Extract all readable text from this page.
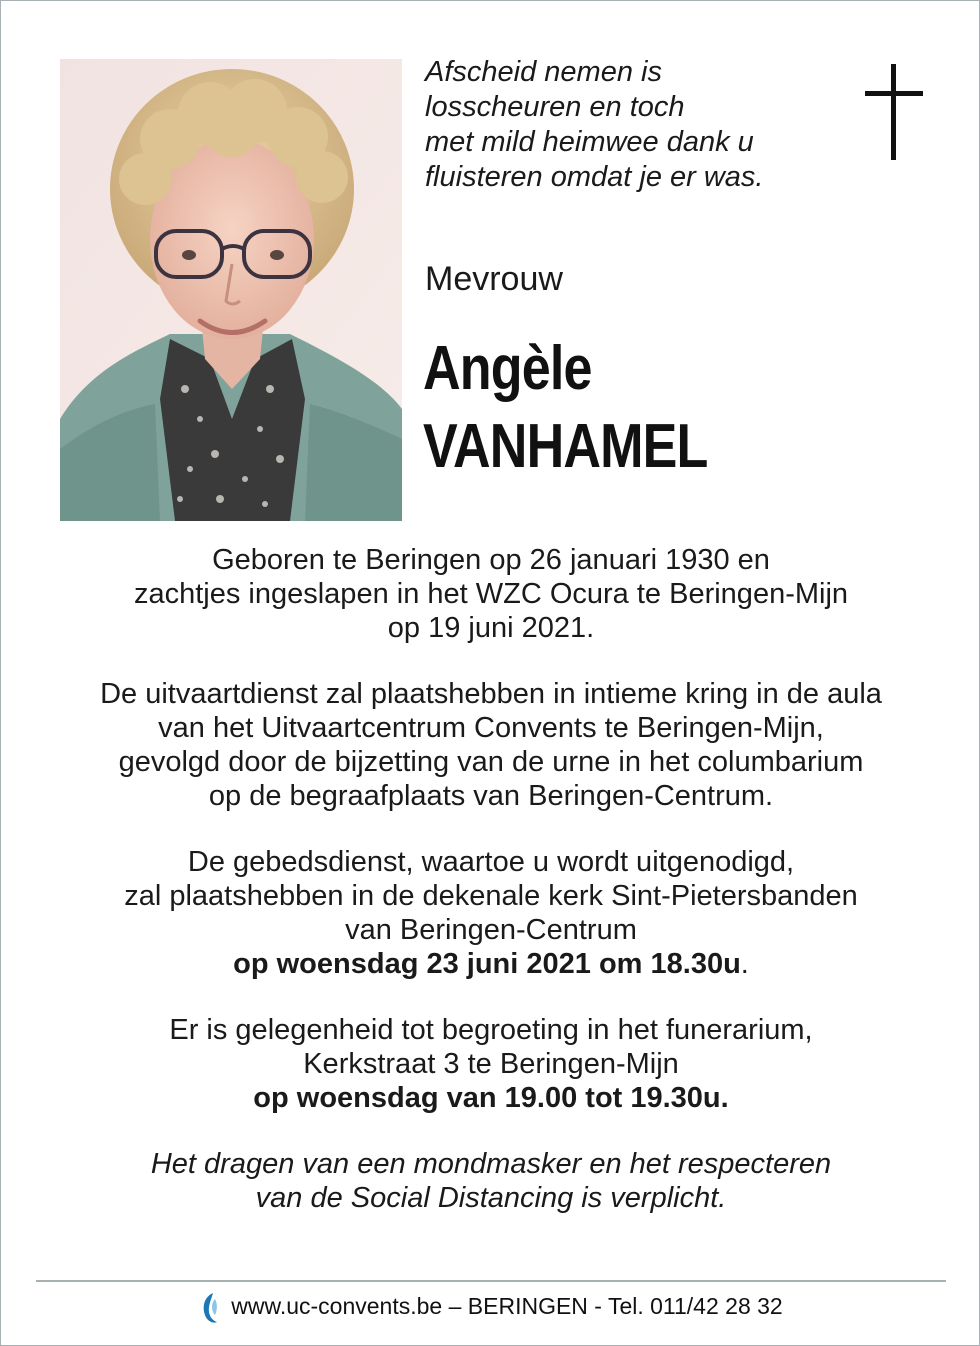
Afscheid nemen is
losscheuren en toch
met mild heimwee dank u
fluisteren omdat je er was.
Mevrouw
Angèle
VANHAMEL

Geboren te Beringen op 26 januari 1930 en
zachtjes ingeslapen in het WZC Ocura te Beringen-Mijn
op 19 juni 2021.

De uitvaartdienst zal plaatshebben in intieme kring in de aula
van het Uitvaartcentrum Convents te Beringen-Mijn,
gevolgd door de bijzetting van de urne in het columbarium
op de begraafplaats van Beringen-Centrum.

De gebedsdienst, waartoe u wordt uitgenodigd,
zal plaatshebben in de dekenale kerk Sint-Pietersbanden
van Beringen-Centrum
op woensdag 23 juni 2021 om 18.30u.

Er is gelegenheid tot begroeting in het funerarium,
Kerkstraat 3 te Beringen-Mijn
op woensdag van 19.00 tot 19.30u.

Het dragen van een mondmasker en het respecteren
van de Social Distancing is verplicht.

www.uc-convents.be – BERINGEN - Tel. 011/42 28 32
